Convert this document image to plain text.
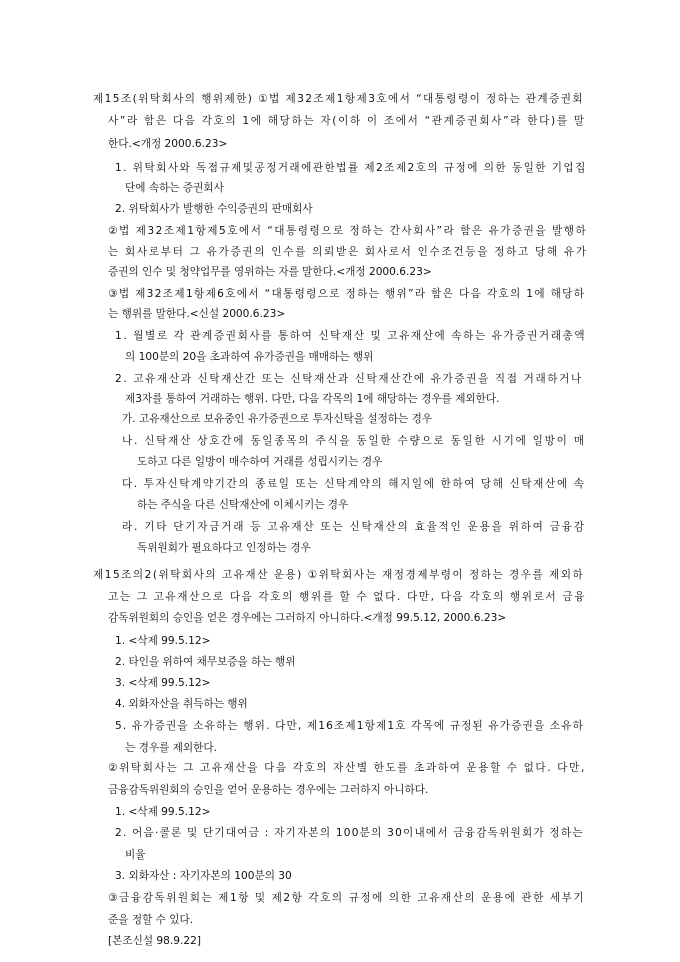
제15조(위탁회사의 행위제한) ①법 제32조제1항제3호에서 “대통령령이 정하는 관계증권회
사”라 함은 다음 각호의 1에 해당하는 자(이하 이 조에서 “관계증권회사”라 한다)를 말
한다.<개정 2000.6.23>
1. 위탁회사와 독점규제및공정거래에관한법률 제2조제2호의 규정에 의한 동일한 기업집
단에 속하는 증권회사
2. 위탁회사가 발행한 수익증권의 판매회사
②법 제32조제1항제5호에서 “대통령령으로 정하는 간사회사”라 함은 유가증권을 발행하
는 회사로부터 그 유가증권의 인수를 의뢰받은 회사로서 인수조건등을 정하고 당해 유가
증권의 인수 및 청약업무를 영위하는 자를 말한다.<개정 2000.6.23>
③법 제32조제1항제6호에서 “대통령령으로 정하는 행위”라 함은 다음 각호의 1에 해당하
는 행위를 말한다.<신설 2000.6.23>
1. 월별로 각 관계증권회사를 통하여 신탁재산 및 고유재산에 속하는 유가증권거래총액
의 100분의 20을 초과하여 유가증권을 매매하는 행위
2. 고유재산과 신탁재산간 또는 신탁재산과 신탁재산간에 유가증권을 직접 거래하거나
제3자를 통하여 거래하는 행위. 다만, 다음 각목의 1에 해당하는 경우를 제외한다.
가. 고유재산으로 보유중인 유가증권으로 투자신탁을 설정하는 경우
나. 신탁재산 상호간에 동일종목의 주식을 동일한 수량으로 동일한 시기에 일방이 매
도하고 다른 일방이 매수하여 거래를 성립시키는 경우
다. 투자신탁계약기간의 종료일 또는 신탁계약의 해지일에 한하여 당해 신탁재산에 속
하는 주식을 다른 신탁재산에 이체시키는 경우
라. 기타 단기자금거래 등 고유재산 또는 신탁재산의 효율적인 운용을 위하여 금융감
독위원회가 필요하다고 인정하는 경우
제15조의2(위탁회사의 고유재산 운용) ①위탁회사는 재정경제부령이 정하는 경우를 제외하
고는 그 고유재산으로 다음 각호의 행위를 할 수 없다. 다만, 다음 각호의 행위로서 금융
감독위원회의 승인을 얻은 경우에는 그러하지 아니하다.<개정 99.5.12, 2000.6.23>
1. <삭제 99.5.12>
2. 타인을 위하여 채무보증을 하는 행위
3. <삭제 99.5.12>
4. 외화자산을 취득하는 행위
5. 유가증권을 소유하는 행위. 다만, 제16조제1항제1호 각목에 규정된 유가증권을 소유하
는 경우를 제외한다.
②위탁회사는 그 고유재산을 다음 각호의 자산별 한도를 초과하여 운용할 수 없다. 다만,
금융감독위원회의 승인을 얻어 운용하는 경우에는 그러하지 아니하다.
1. <삭제 99.5.12>
2. 어음·콜론 및 단기대여금 : 자기자본의 100분의 30이내에서 금융감독위원회가 정하는
비율
3. 외화자산 : 자기자본의 100분의 30
③금융감독위원회는 제1항 및 제2항 각호의 규정에 의한 고유재산의 운용에 관한 세부기
준을 정할 수 있다.
[본조신설 98.9.22]
